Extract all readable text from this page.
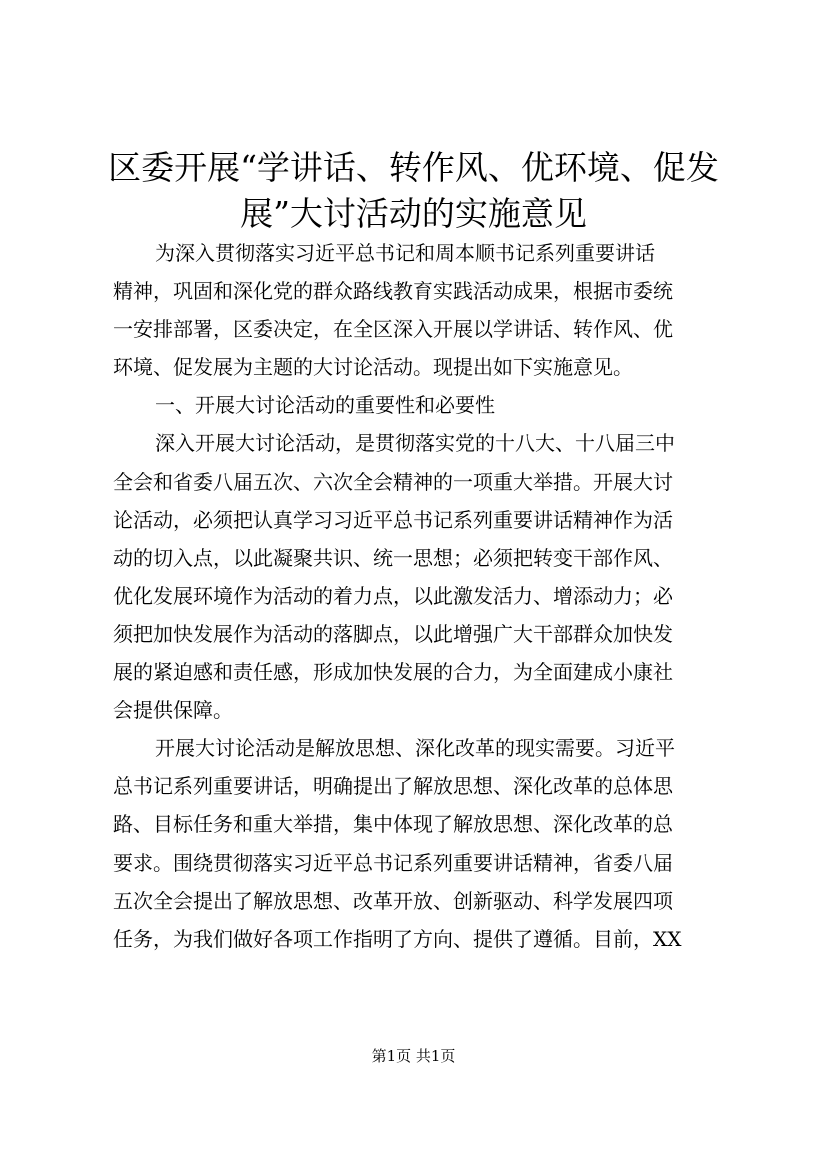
区委开展“学讲话、转作风、优环境、促发
展”大讨活动的实施意见
为深入贯彻落实习近平总书记和周本顺书记系列重要讲话
精神，巩固和深化党的群众路线教育实践活动成果，根据市委统
一安排部署，区委决定，在全区深入开展以学讲话、转作风、优
环境、促发展为主题的大讨论活动。现提出如下实施意见。
一、开展大讨论活动的重要性和必要性
深入开展大讨论活动，是贯彻落实党的十八大、十八届三中
全会和省委八届五次、六次全会精神的一项重大举措。开展大讨
论活动，必须把认真学习习近平总书记系列重要讲话精神作为活
动的切入点，以此凝聚共识、统一思想；必须把转变干部作风、
优化发展环境作为活动的着力点，以此激发活力、增添动力；必
须把加快发展作为活动的落脚点，以此增强广大干部群众加快发
展的紧迫感和责任感，形成加快发展的合力，为全面建成小康社
会提供保障。
开展大讨论活动是解放思想、深化改革的现实需要。习近平
总书记系列重要讲话，明确提出了解放思想、深化改革的总体思
路、目标任务和重大举措，集中体现了解放思想、深化改革的总
要求。围绕贯彻落实习近平总书记系列重要讲话精神，省委八届
五次全会提出了解放思想、改革开放、创新驱动、科学发展四项
任务，为我们做好各项工作指明了方向、提供了遵循。目前，XX
第1页 共1页
